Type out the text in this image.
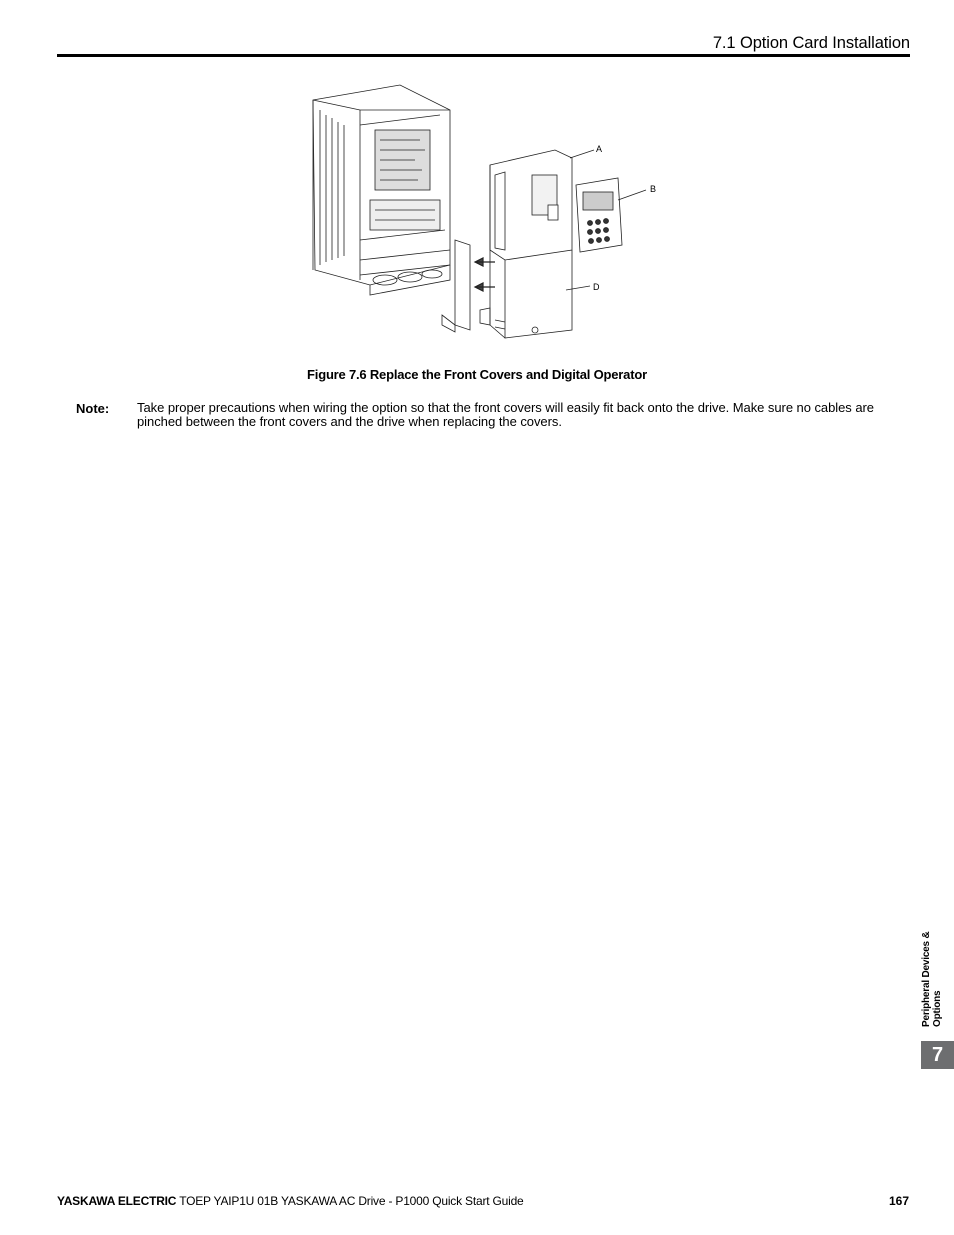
7.1 Option Card Installation
A
B
D
Figure 7.6 Replace the Front Covers and Digital Operator
Note: Take proper precautions when wiring the option so that the front covers will easily fit back onto the drive. Make sure no cables are pinched between the front covers and the drive when replacing the covers.
Peripheral Devices & Options
7
YASKAWA ELECTRIC TOEP YAIP1U 01B YASKAWA AC Drive - P1000 Quick Start Guide	167
